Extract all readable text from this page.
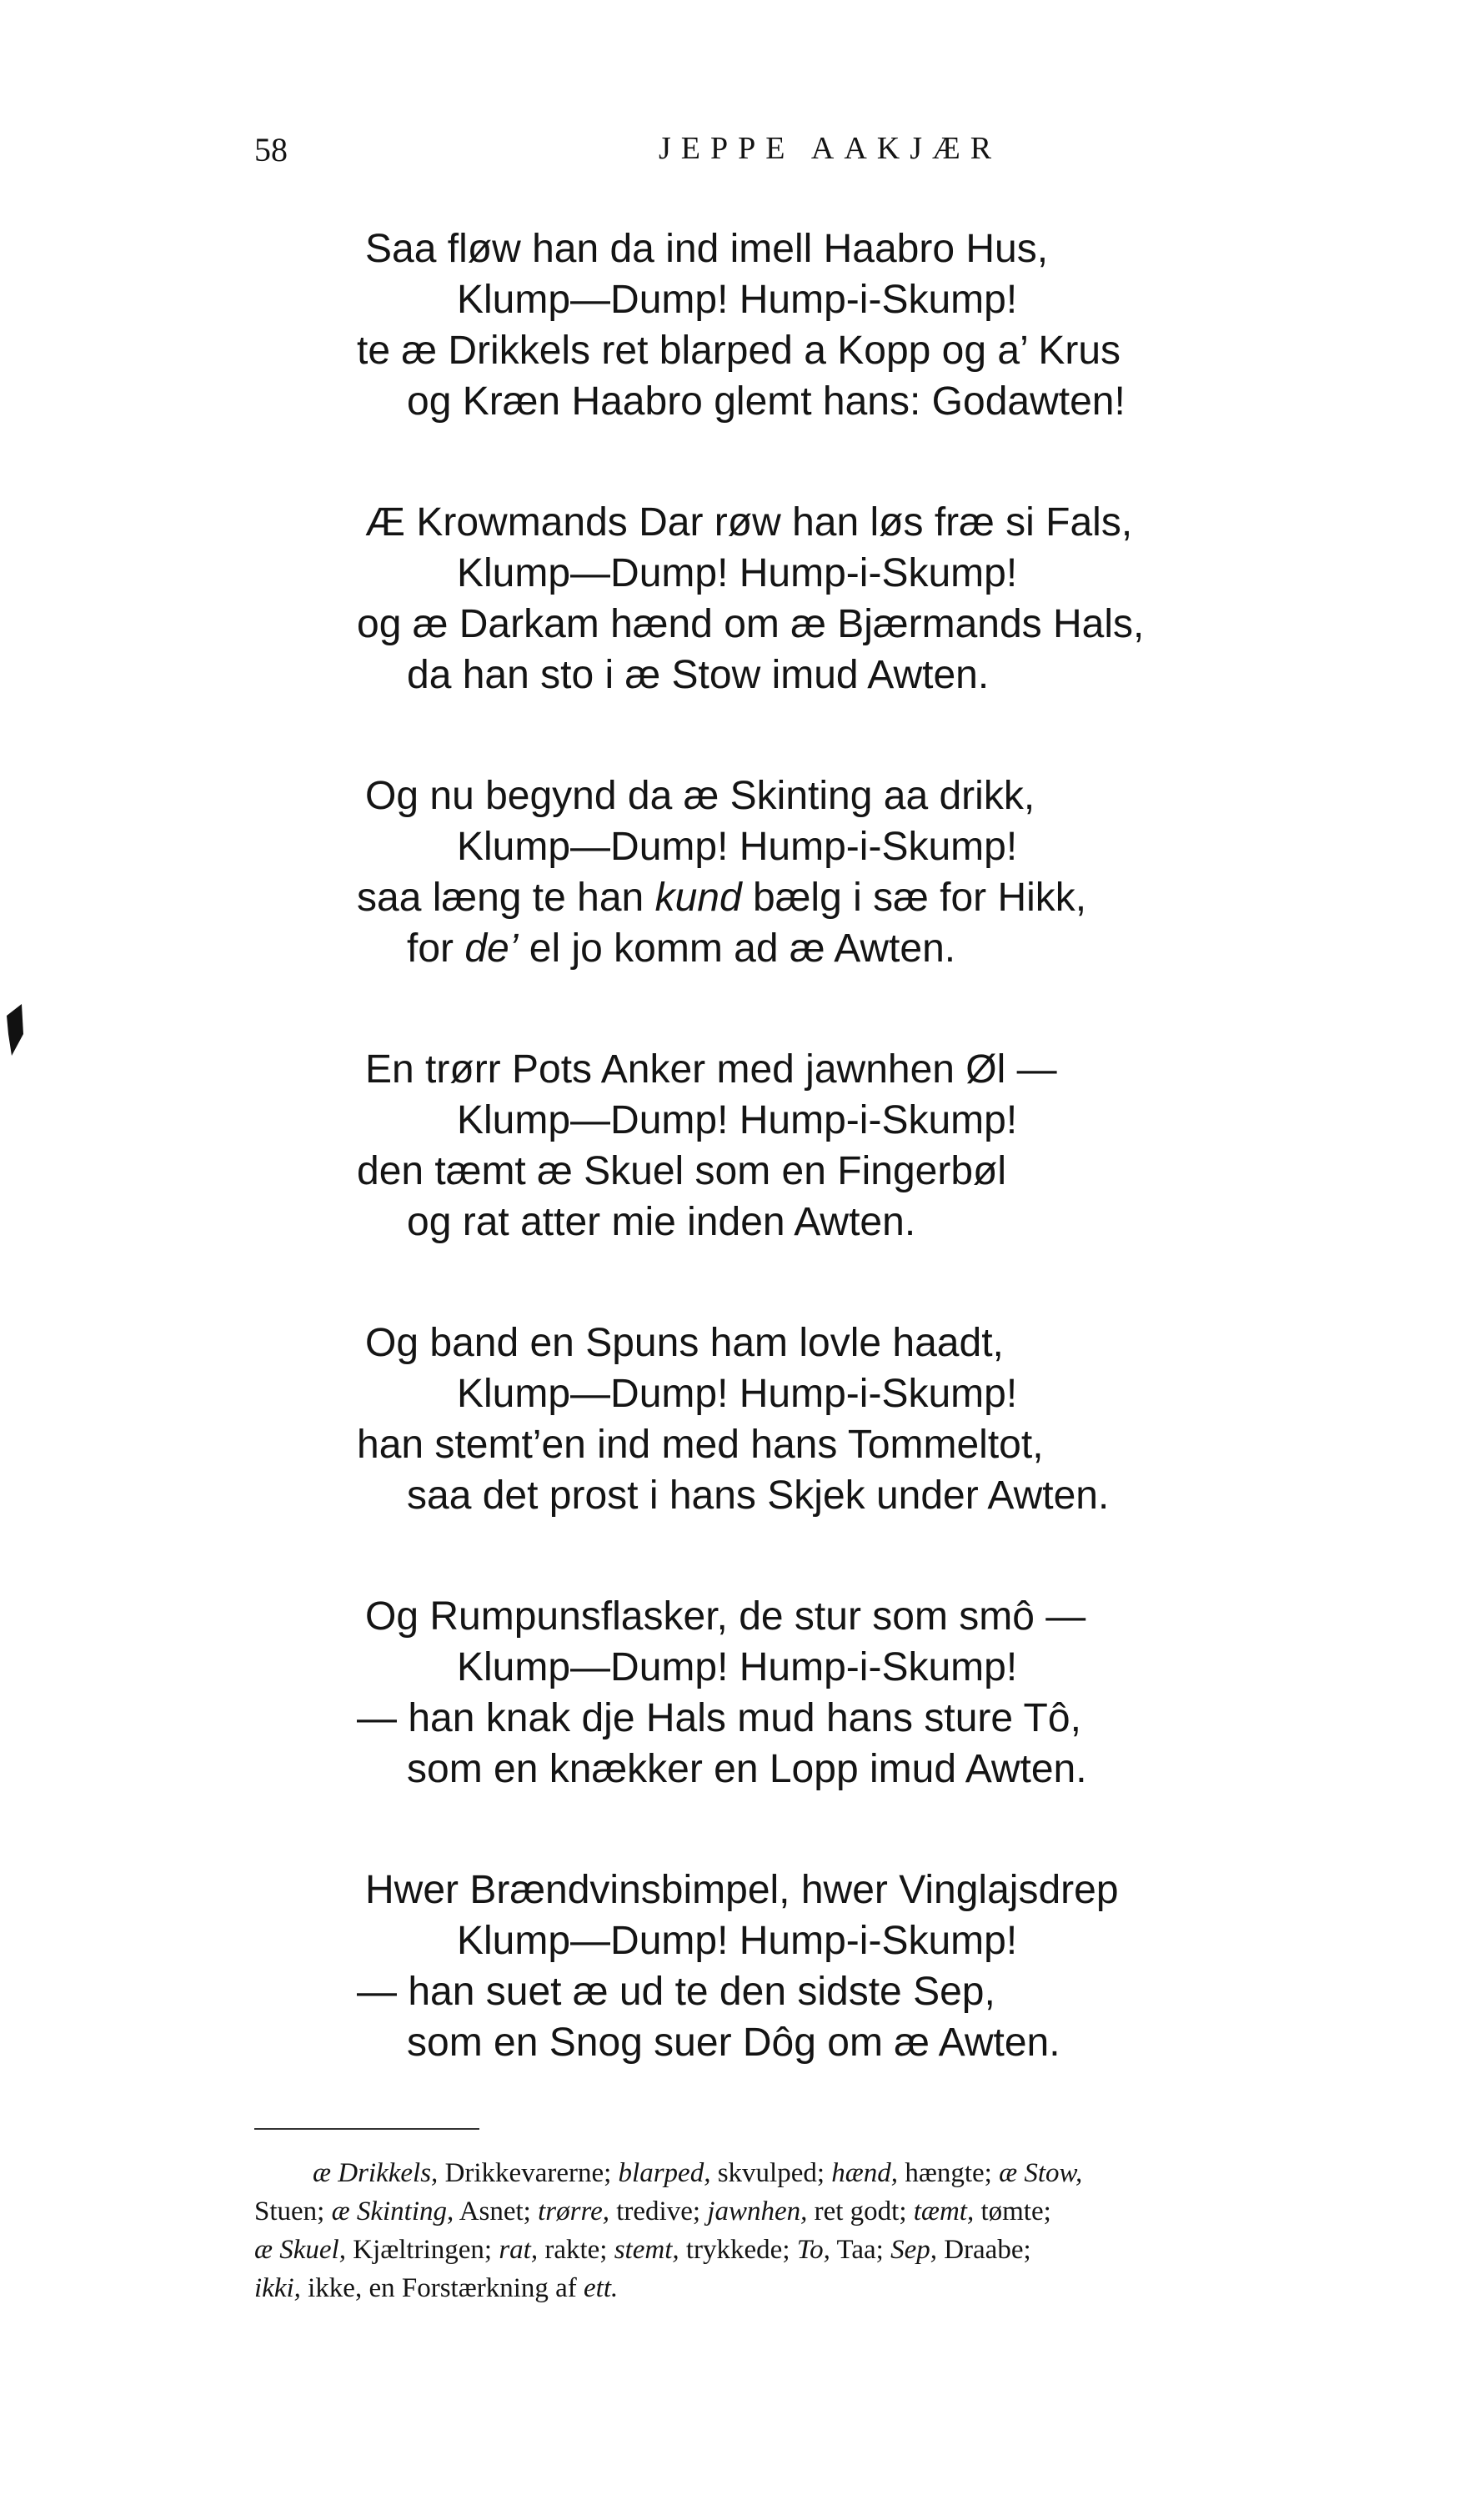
58	JEPPE AAKJÆR
Saa fløw han da ind imell Haabro Hus,
Klump—Dump! Hump-i-Skump!
te æ Drikkels ret blarped a Kopp og a’ Krus
og Kræn Haabro glemt hans: Godawten!
Æ Krowmands Dar røw han løs fræ si Fals,
Klump—Dump! Hump-i-Skump!
og æ Darkam hænd om æ Bjærmands Hals,
da han sto i æ Stow imud Awten.
Og nu begynd da æ Skinting aa drikk,
Klump—Dump! Hump-i-Skump!
saa læng te han kund bælg i sæ for Hikk,
for de’ el jo komm ad æ Awten.
En trørr Pots Anker med jawnhen Øl —
Klump—Dump! Hump-i-Skump!
den tæmt æ Skuel som en Fingerbøl
og rat atter mie inden Awten.
Og band en Spuns ham lovle haadt,
Klump—Dump! Hump-i-Skump!
han stemt’en ind med hans Tommeltot,
saa det prost i hans Skjek under Awten.
Og Rumpunsflasker, de stur som smô —
Klump—Dump! Hump-i-Skump!
— han knak dje Hals mud hans sture Tô,
som en knækker en Lopp imud Awten.
Hwer Brændvinsbimpel, hwer Vinglajsdrep
Klump—Dump! Hump-i-Skump!
— han suet æ ud te den sidste Sep,
som en Snog suer Dôg om æ Awten.
æ Drikkels, Drikkevarerne; blarped, skvulped; hænd, hængte; æ Stow,
Stuen; æ Skinting, Asnet; trørre, tredive; jawnhen, ret godt; tæmt, tømte;
æ Skuel, Kjæltringen; rat, rakte; stemt, trykkede; To, Taa; Sep, Draabe;
ikki, ikke, en Forstærkning af ett.
